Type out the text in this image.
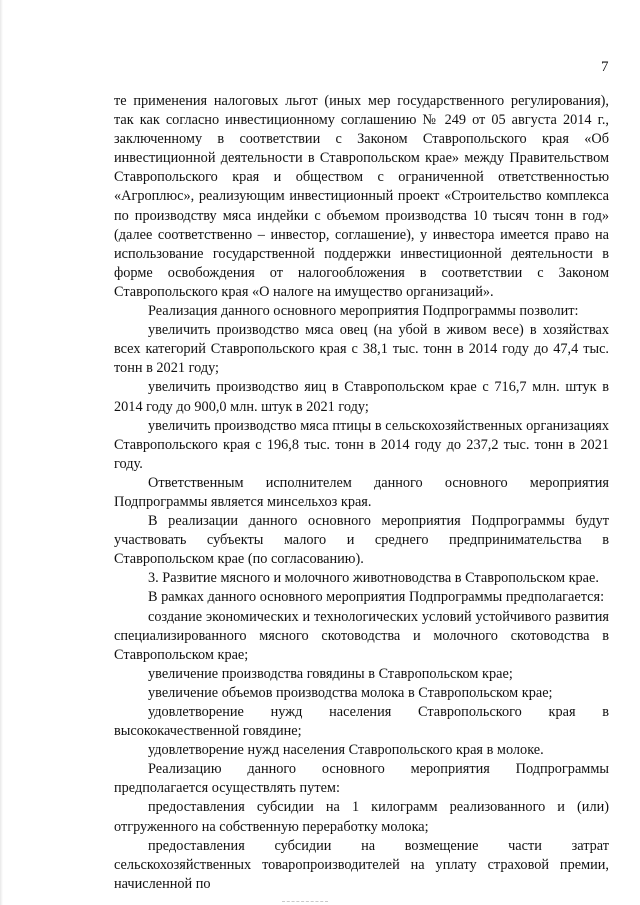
7

те применения налоговых льгот (иных мер государственного регулирования), так как согласно инвестиционному соглашению № 249 от 05 августа 2014 г., заключенному в соответствии с Законом Ставропольского края «Об инвестиционной деятельности в Ставропольском крае» между Правительством Ставропольского края и обществом с ограниченной ответственностью «Агроплюс», реализующим инвестиционный проект «Строительство комплекса по производству мяса индейки с объемом производства 10 тысяч тонн в год» (далее соответственно – инвестор, соглашение), у инвестора имеется право на использование государственной поддержки инвестиционной деятельности в форме освобождения от налогообложения в соответствии с Законом Ставропольского края «О налоге на имущество организаций».

Реализация данного основного мероприятия Подпрограммы позволит:

увеличить производство мяса овец (на убой в живом весе) в хозяйствах всех категорий Ставропольского края с 38,1 тыс. тонн в 2014 году до 47,4 тыс. тонн в 2021 году;

увеличить производство яиц в Ставропольском крае с 716,7 млн. штук в 2014 году до 900,0 млн. штук в 2021 году;

увеличить производство мяса птицы в сельскохозяйственных организациях Ставропольского края с 196,8 тыс. тонн в 2014 году до 237,2 тыс. тонн в 2021 году.

Ответственным исполнителем данного основного мероприятия Подпрограммы является минсельхоз края.

В реализации данного основного мероприятия Подпрограммы будут участвовать субъекты малого и среднего предпринимательства в Ставропольском крае (по согласованию).

3. Развитие мясного и молочного животноводства в Ставропольском крае.

В рамках данного основного мероприятия Подпрограммы предполагается:

создание экономических и технологических условий устойчивого развития специализированного мясного скотоводства и молочного скотоводства в Ставропольском крае;

увеличение производства говядины в Ставропольском крае;

увеличение объемов производства молока в Ставропольском крае;

удовлетворение нужд населения Ставропольского края в высококачественной говядине;

удовлетворение нужд населения Ставропольского края в молоке.

Реализацию данного основного мероприятия Подпрограммы предполагается осуществлять путем:

предоставления субсидии на 1 килограмм реализованного и (или) отгруженного на собственную переработку молока;

предоставления субсидии на возмещение части затрат сельскохозяйственных товаропроизводителей на уплату страховой премии, начисленной по
